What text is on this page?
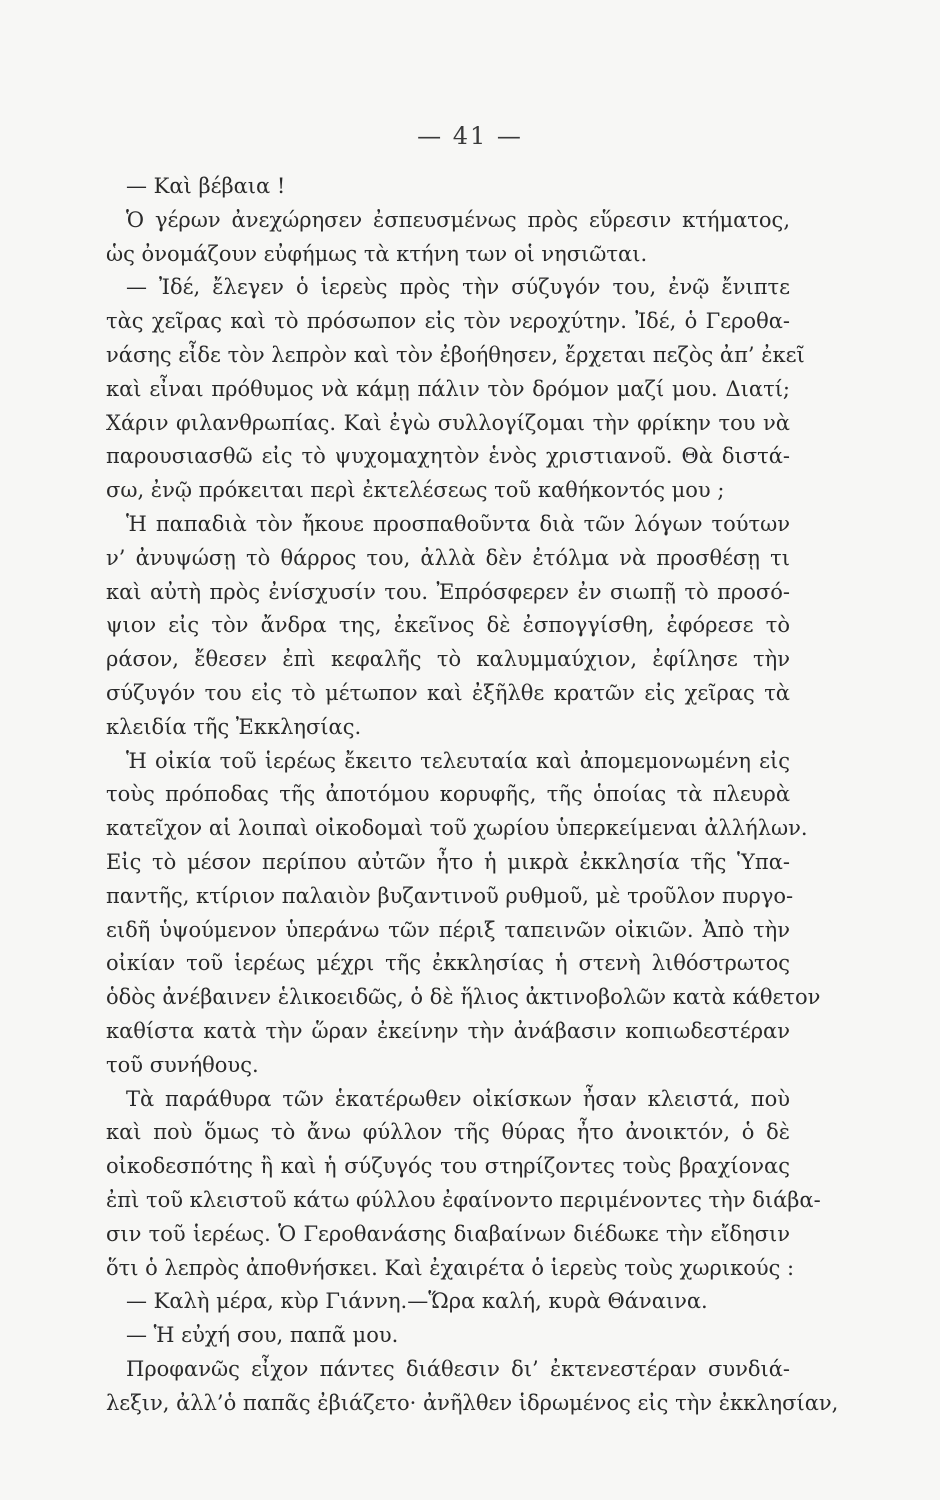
— 41 —
— Καὶ βέβαια !
Ὁ γέρων ἀνεχώρησεν ἐσπευσμένως πρὸς εὕρεσιν κτήματος,
ὡς ὀνομάζουν εὐφήμως τὰ κτήνη των οἱ νησιῶται.
— Ἰδέ, ἔλεγεν ὁ ἱερεὺς πρὸς τὴν σύζυγόν του, ἐνῷ ἔνιπτε
τὰς χεῖρας καὶ τὸ πρόσωπον εἰς τὸν νεροχύτην. Ἰδέ, ὁ Γεροθα-
νάσης εἶδε τὸν λεπρὸν καὶ τὸν ἐβοήθησεν, ἔρχεται πεζὸς ἀπ’ ἐκεῖ
καὶ εἶναι πρόθυμος νὰ κάμῃ πάλιν τὸν δρόμον μαζί μου. Διατί;
Χάριν φιλανθρωπίας. Καὶ ἐγὼ συλλογίζομαι τὴν φρίκην του νὰ
παρουσιασθῶ εἰς τὸ ψυχομαχητὸν ἑνὸς χριστιανοῦ. Θὰ διστά-
σω, ἐνῷ πρόκειται περὶ ἐκτελέσεως τοῦ καθήκοντός μου ;
Ἡ παπαδιὰ τὸν ἤκουε προσπαθοῦντα διὰ τῶν λόγων τούτων
ν’ ἀνυψώσῃ τὸ θάρρος του, ἀλλὰ δὲν ἐτόλμα νὰ προσθέσῃ τι
καὶ αὐτὴ πρὸς ἐνίσχυσίν του. Ἐπρόσφερεν ἐν σιωπῇ τὸ προσό-
ψιον εἰς τὸν ἄνδρα της, ἐκεῖνος δὲ ἐσπογγίσθη, ἐφόρεσε τὸ
ράσον, ἔθεσεν ἐπὶ κεφαλῆς τὸ καλυμμαύχιον, ἐφίλησε τὴν
σύζυγόν του εἰς τὸ μέτωπον καὶ ἐξῆλθε κρατῶν εἰς χεῖρας τὰ
κλειδία τῆς Ἐκκλησίας.
Ἡ οἰκία τοῦ ἱερέως ἔκειτο τελευταία καὶ ἀπομεμονωμένη εἰς
τοὺς πρόποδας τῆς ἀποτόμου κορυφῆς, τῆς ὁποίας τὰ πλευρὰ
κατεῖχον αἱ λοιπαὶ οἰκοδομαὶ τοῦ χωρίου ὑπερκείμεναι ἀλλήλων.
Εἰς τὸ μέσον περίπου αὐτῶν ἦτο ἡ μικρὰ ἐκκλησία τῆς Ὑπα-
παντῆς, κτίριον παλαιὸν βυζαντινοῦ ρυθμοῦ, μὲ τροῦλον πυργο-
ειδῆ ὑψούμενον ὑπεράνω τῶν πέριξ ταπεινῶν οἰκιῶν. Ἀπὸ τὴν
οἰκίαν τοῦ ἱερέως μέχρι τῆς ἐκκλησίας ἡ στενὴ λιθόστρωτος
ὁδὸς ἀνέβαινεν ἑλικοειδῶς, ὁ δὲ ἥλιος ἀκτινοβολῶν κατὰ κάθετον
καθίστα κατὰ τὴν ὥραν ἐκείνην τὴν ἀνάβασιν κοπιωδεστέραν
τοῦ συνήθους.
Τὰ παράθυρα τῶν ἑκατέρωθεν οἰκίσκων ἦσαν κλειστά, ποὺ
καὶ ποὺ ὅμως τὸ ἄνω φύλλον τῆς θύρας ἦτο ἀνοικτόν, ὁ δὲ
οἰκοδεσπότης ἢ καὶ ἡ σύζυγός του στηρίζοντες τοὺς βραχίονας
ἐπὶ τοῦ κλειστοῦ κάτω φύλλου ἐφαίνοντο περιμένοντες τὴν διάβα-
σιν τοῦ ἱερέως. Ὁ Γεροθανάσης διαβαίνων διέδωκε τὴν εἴδησιν
ὅτι ὁ λεπρὸς ἀποθνήσκει. Καὶ ἐχαιρέτα ὁ ἱερεὺς τοὺς χωρικούς :
— Καλὴ μέρα, κὺρ Γιάννη.—Ὥρα καλή, κυρὰ Θάναινα.
— Ἡ εὐχή σου, παπᾶ μου.
Προφανῶς εἶχον πάντες διάθεσιν δι’ ἐκτενεστέραν συνδιά-
λεξιν, ἀλλ’ὁ παπᾶς ἐβιάζετο· ἀνῆλθεν ἱδρωμένος εἰς τὴν ἐκκλησίαν,
